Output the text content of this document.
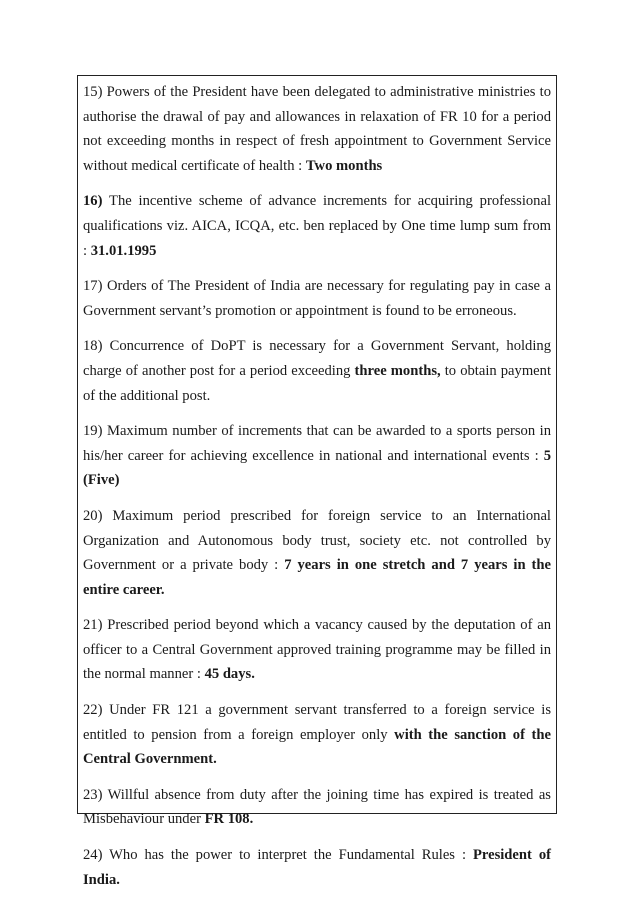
15) Powers of the President have been delegated to administrative ministries to authorise the drawal of pay and allowances in relaxation of FR 10 for a period not exceeding months in respect of fresh appointment to Government Service without medical certificate of health : Two months

16) The incentive scheme of advance increments for acquiring professional qualifications viz. AICA, ICQA, etc. ben replaced by One time lump sum from : 31.01.1995

17) Orders of The President of India are necessary for regulating pay in case a Government servant’s promotion or appointment is found to be erroneous.

18) Concurrence of DoPT is necessary for a Government Servant, holding charge of another post for a period exceeding three months, to obtain payment of the additional post.

19) Maximum number of increments that can be awarded to a sports person in his/her career for achieving excellence in national and international events : 5 (Five)

20) Maximum period prescribed for foreign service to an International Organization and Autonomous body trust, society etc. not controlled by Government or a private body : 7 years in one stretch and 7 years in the entire career.

21) Prescribed period beyond which a vacancy caused by the deputation of an officer to a Central Government approved training programme may be filled in the normal manner : 45 days.

22) Under FR 121 a government servant transferred to a foreign service is entitled to pension from a foreign employer only with the sanction of the Central Government.

23) Willful absence from duty after the joining time has expired is treated as Misbehaviour under FR 108.

24) Who has the power to interpret the Fundamental Rules : President of India.
